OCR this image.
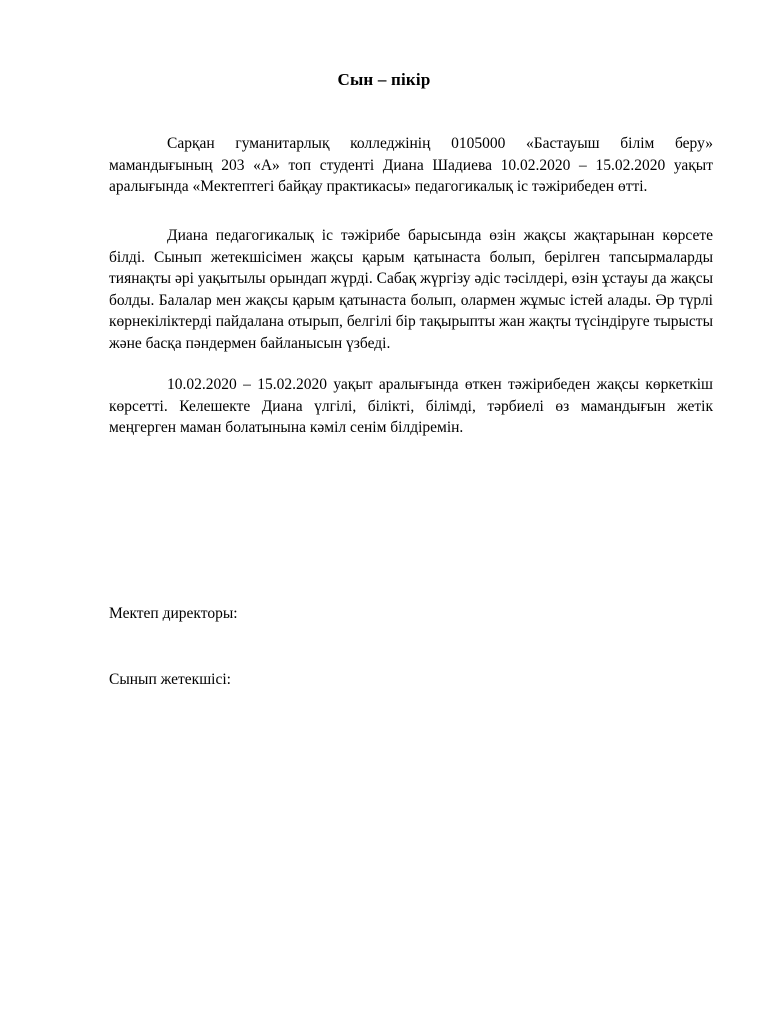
Сын – пікір

Сарқан гуманитарлық колледжінің 0105000 «Бастауыш білім беру» мамандығының 203 «А» топ студенті Диана Шадиева 10.02.2020 – 15.02.2020 уақыт аралығында «Мектептегі байқау практикасы» педагогикалық іс тәжірибеден өтті.

Диана педагогикалық іс тәжірибе барысында өзін жақсы жақтарынан көрсете білді. Сынып жетекшісімен жақсы қарым қатынаста болып, берілген тапсырмаларды тиянақты әрі уақытылы орындап жүрді. Сабақ жүргізу әдіс тәсілдері, өзін ұстауы да жақсы болды. Балалар мен жақсы қарым қатынаста болып, олармен жұмыс істей алады. Әр түрлі көрнекіліктерді пайдалана отырып, белгілі бір тақырыпты жан жақты түсіндіруге тырысты және басқа пәндермен байланысын үзбеді.

10.02.2020 – 15.02.2020 уақыт аралығында өткен тәжірибеден жақсы көркеткіш көрсетті. Келешекте Диана үлгілі, білікті, білімді, тәрбиелі өз мамандығын жетік меңгерген маман болатынына кәміл сенім білдіремін.

Мектеп директоры:

Сынып жетекшісі:
